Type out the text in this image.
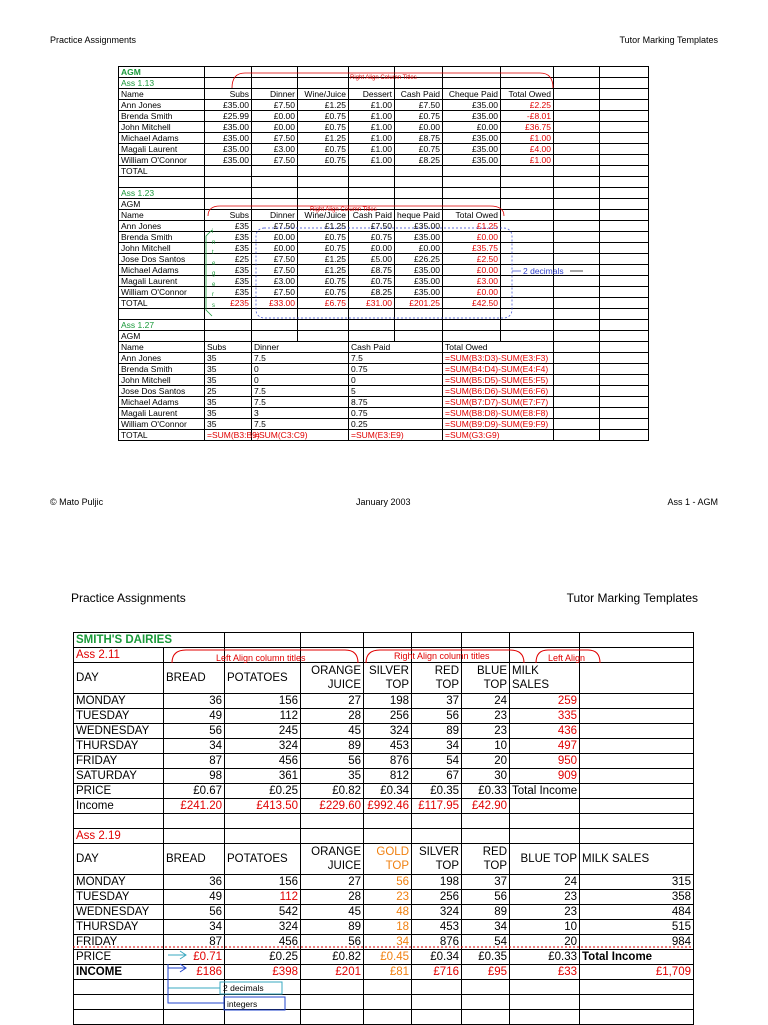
Practice Assignments	Tutor Marking Templates
© Mato Puljic	January 2003	Ass 1 - AGM
AGM									
Ass 1.13									
Name	Subs	Dinner	Wine/Juice	Dessert	Cash Paid	Cheque Paid	Total Owed		
Ann Jones	£35.00	£7.50	£1.25	£1.00	£7.50	£35.00	£2.25		
Brenda Smith	£25.99	£0.00	£0.75	£1.00	£0.75	£35.00	-£8.01		
John Mitchell	£35.00	£0.00	£0.75	£1.00	£0.00	£0.00	£36.75		
Michael Adams	£35.00	£7.50	£1.25	£1.00	£8.75	£35.00	£1.00		
Magali Laurent	£35.00	£3.00	£0.75	£1.00	£0.75	£35.00	£4.00		
William O'Connor	£35.00	£7.50	£0.75	£1.00	£8.25	£35.00	£1.00		
TOTAL									

Ass 1.23									
AGM									
Name	Subs	Dinner	Wine/Juice	Cash Paid	heque Paid	Total Owed			
Ann Jones	£35	£7.50	£1.25	£7.50	£35.00	£1.25			
Brenda Smith	£35	£0.00	£0.75	£0.75	£35.00	£0.00			
John Mitchell	£35	£0.00	£0.75	£0.00	£0.00	£35.75			
Jose Dos Santos	£25	£7.50	£1.25	£5.00	£26.25	£2.50			
Michael Adams	£35	£7.50	£1.25	£8.75	£35.00	£0.00			
Magali Laurent	£35	£3.00	£0.75	£0.75	£35.00	£3.00			
William O'Connor	£35	£7.50	£0.75	£8.25	£35.00	£0.00			
TOTAL	£235	£33.00	£6.75	£31.00	£201.25	£42.50			

Ass 1.27									
AGM									
Name	Subs	Dinner		Cash Paid		Total Owed			
Ann Jones	35	7.5		7.5		=SUM(B3:D3)-SUM(E3:F3)			
Brenda Smith	35	0		0.75		=SUM(B4:D4)-SUM(E4:F4)			
John Mitchell	35	0		0		=SUM(B5:D5)-SUM(E5:F5)			
Jose Dos Santos	25	7.5		5		=SUM(B6:D6)-SUM(E6:F6)			
Michael Adams	35	7.5		8.75		=SUM(B7:D7)-SUM(E7:F7)			
Magali Laurent	35	3		0.75		=SUM(B8:D8)-SUM(E8:F8)			
William O'Connor	35	7.5		0.25		=SUM(B9:D9)-SUM(E9:F9)			
TOTAL	=SUM(B3:B9)	=SUM(C3:C9)		=SUM(E3:E9)		=SUM(G3:G9)			
Practice Assignments	Tutor Marking Templates
SMITH'S DAIRIES								
Ass 2.11								
DAY	BREAD	POTATOES	ORANGE JUICE	SILVER TOP	RED TOP	BLUE TOP	MILK SALES	
MONDAY	36	156	27	198	37	24	259	
TUESDAY	49	112	28	256	56	23	335	
WEDNESDAY	56	245	45	324	89	23	436	
THURSDAY	34	324	89	453	34	10	497	
FRIDAY	87	456	56	876	54	20	950	
SATURDAY	98	361	35	812	67	30	909	
PRICE	£0.67	£0.25	£0.82	£0.34	£0.35	£0.33	Total Income	
Income	£241.20	£413.50	£229.60	£992.46	£117.95	£42.90		

Ass 2.19								
DAY	BREAD	POTATOES	ORANGE JUICE	GOLD TOP	SILVER TOP	RED TOP	BLUE TOP	MILK SALES
MONDAY	36	156	27	56	198	37	24	315
TUESDAY	49	112	28	23	256	56	23	358
WEDNESDAY	56	542	45	48	324	89	23	484
THURSDAY	34	324	89	18	453	34	10	515
FRIDAY	87	456	56	34	876	54	20	984
PRICE	£0.71	£0.25	£0.82	£0.45	£0.34	£0.35	£0.33	Total Income
INCOME	£186	£398	£201	£81	£716	£95	£33	£1,709

Right Align Column Titles
Right Align Column Titles
2 decimals
Left Align column titles	Right Align column titles	Left Align
2 decimals
integers
i
n
t
e
g
e
r
s
